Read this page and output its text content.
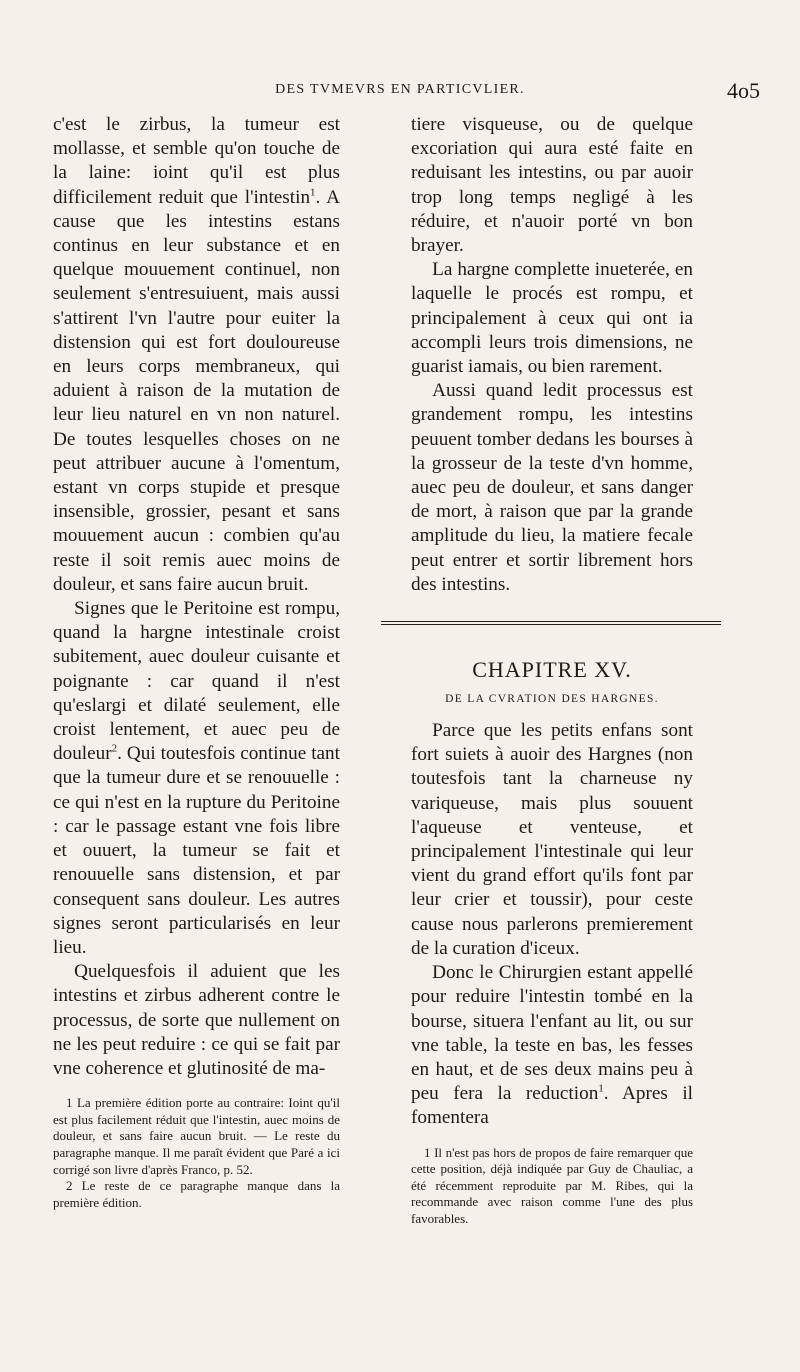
DES TVMEVRS EN PARTICVLIER.	4o5

c'est le zirbus, la tumeur est mollasse, et semble qu'on touche de la laine: ioint qu'il est plus difficilement reduit que l'intestin$^1$. A cause que les intestins estans continus en leur substance et en quelque mouuement continuel, non seulement s'entresuiuent, mais aussi s'attirent l'vn l'autre pour euiter la distension qui est fort douloureuse en leurs corps membraneux, qui aduient à raison de la mutation de leur lieu naturel en vn non naturel. De toutes lesquelles choses on ne peut attribuer aucune à l'omentum, estant vn corps stupide et presque insensible, grossier, pesant et sans mouuement aucun : combien qu'au reste il soit remis auec moins de douleur, et sans faire aucun bruit.

Signes que le Peritoine est rompu, quand la hargne intestinale croist subitement, auec douleur cuisante et poignante : car quand il n'est qu'eslargi et dilaté seulement, elle croist lentement, et auec peu de douleur$^2$. Qui toutesfois continue tant que la tumeur dure et se renouuelle : ce qui n'est en la rupture du Peritoine : car le passage estant vne fois libre et ouuert, la tumeur se fait et renouuelle sans distension, et par consequent sans douleur. Les autres signes seront particularisés en leur lieu.

Quelquesfois il aduient que les intestins et zirbus adherent contre le processus, de sorte que nullement on ne les peut reduire : ce qui se fait par vne coherence et glutinosité de ma-

1 La première édition porte au contraire: Ioint qu'il est plus facilement réduit que l'intestin, auec moins de douleur, et sans faire aucun bruit. — Le reste du paragraphe manque. Il me paraît évident que Paré a ici corrigé son livre d'après Franco, p. 52.

2 Le reste de ce paragraphe manque dans la première édition.

tiere visqueuse, ou de quelque excoriation qui aura esté faite en reduisant les intestins, ou par auoir trop long temps negligé à les réduire, et n'auoir porté vn bon brayer.

La hargne complette inueterée, en laquelle le procés est rompu, et principalement à ceux qui ont ia accompli leurs trois dimensions, ne guarist iamais, ou bien rarement.

Aussi quand ledit processus est grandement rompu, les intestins peuuent tomber dedans les bourses à la grosseur de la teste d'vn homme, auec peu de douleur, et sans danger de mort, à raison que par la grande amplitude du lieu, la matiere fecale peut entrer et sortir librement hors des intestins.

CHAPITRE XV.
DE LA CVRATION DES HARGNES.

Parce que les petits enfans sont fort suiets à auoir des Hargnes (non toutesfois tant la charneuse ny variqueuse, mais plus souuent l'aqueuse et venteuse, et principalement l'intestinale qui leur vient du grand effort qu'ils font par leur crier et toussir), pour ceste cause nous parlerons premierement de la curation d'iceux.

Donc le Chirurgien estant appellé pour reduire l'intestin tombé en la bourse, situera l'enfant au lit, ou sur vne table, la teste en bas, les fesses en haut, et de ses deux mains peu à peu fera la reduction$^1$. Apres il fomentera

1 Il n'est pas hors de propos de faire remarquer que cette position, déjà indiquée par Guy de Chauliac, a été récemment reproduite par M. Ribes, qui la recommande avec raison comme l'une des plus favorables.
